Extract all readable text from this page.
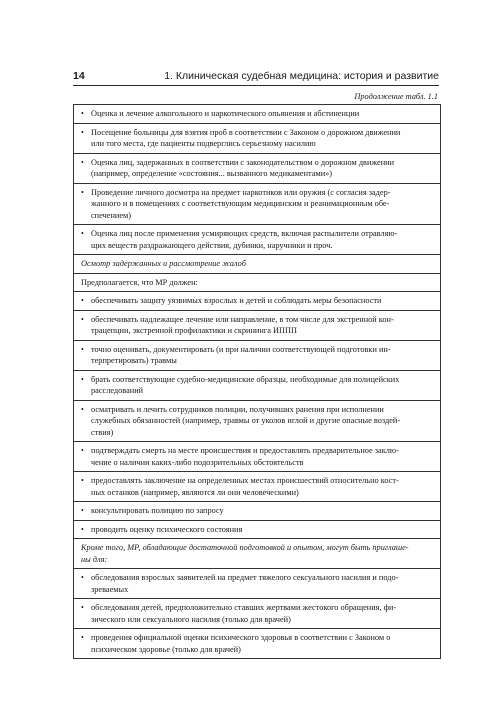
14	1. Клиническая судебная медицина: история и развитие
Продолжение табл. 1.1
• Оценка и лечение алкогольного и наркотического опьянения и абстиненции
• Посещение больницы для взятия проб в соответствии с Законом о дорожном движении
или того места, где пациенты подверглись серьезному насилию
• Оценка лиц, задержанных в соответствии с законодательством о дорожном движении
(например, определение «состояния... вызванного медикаментами»)
• Проведение личного досмотра на предмет наркотиков или оружия (с согласия задер-
жанного и в помещениях с соответствующим медицинским и реанимационным обе-
спечением)
• Оценка лиц после применения усмиряющих средств, включая распылители отравляю-
щих веществ раздражающего действия, дубинки, наручники и проч.
Осмотр задержанных и рассмотрение жалоб
Предполагается, что МР должен:
• обеспечивать защиту уязвимых взрослых и детей и соблюдать меры безопасности
• обеспечивать надлежащее лечение или направление, в том числе для экстренной кон-
трацепции, экстренной профилактики и скрининга ИППП
• точно оценивать, документировать (и при наличии соответствующей подготовки ин-
терпретировать) травмы
• брать соответствующие судебно-медицинские образцы, необходимые для полицейских
расследований
• осматривать и лечить сотрудников полиции, получивших ранения при исполнении
служебных обязанностей (например, травмы от уколов иглой и другие опасные воздей-
ствия)
• подтверждать смерть на месте происшествия и предоставлять предварительное заклю-
чение о наличии каких-либо подозрительных обстоятельств
• предоставлять заключение на определенных местах происшествий относительно кост-
ных останков (например, являются ли они человеческими)
• консультировать полицию по запросу
• проводить оценку психического состояния
Кроме того, МР, обладающие достаточной подготовкой и опытом, могут быть приглаше-
ны для:
• обследования взрослых заявителей на предмет тяжелого сексуального насилия и подо-
зреваемых
• обследования детей, предположительно ставших жертвами жестокого обращения, фи-
зического или сексуального насилия (только для врачей)
• проведения официальной оценки психического здоровья в соответствии с Законом о
психическом здоровье (только для врачей)
